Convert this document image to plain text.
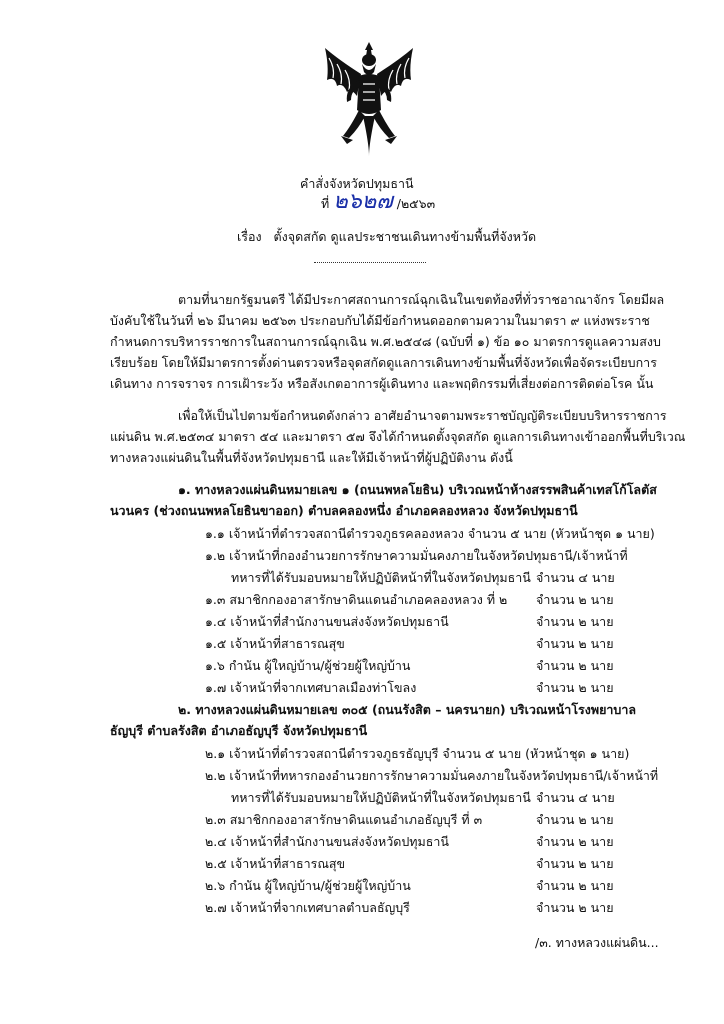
คำสั่งจังหวัดปทุมธานี
ที่ ๒๖๒๗ /๒๕๖๓
เรื่อง ตั้งจุดสกัด ดูแลประชาชนเดินทางข้ามพื้นที่จังหวัด
ตามที่นายกรัฐมนตรี ได้มีประกาศสถานการณ์ฉุกเฉินในเขตท้องที่ทั่วราชอาณาจักร โดยมีผล
บังคับใช้ในวันที่ ๒๖ มีนาคม ๒๕๖๓ ประกอบกับได้มีข้อกำหนดออกตามความในมาตรา ๙ แห่งพระราช
กำหนดการบริหารราชการในสถานการณ์ฉุกเฉิน พ.ศ.๒๕๔๘ (ฉบับที่ ๑) ข้อ ๑๐ มาตรการดูแลความสงบ
เรียบร้อย โดยให้มีมาตรการตั้งด่านตรวจหรือจุดสกัดดูแลการเดินทางข้ามพื้นที่จังหวัดเพื่อจัดระเบียบการ
เดินทาง การจราจร การเฝ้าระวัง หรือสังเกตอาการผู้เดินทาง และพฤติกรรมที่เสี่ยงต่อการติดต่อโรค นั้น
เพื่อให้เป็นไปตามข้อกำหนดดังกล่าว อาศัยอำนาจตามพระราชบัญญัติระเบียบบริหารราชการ
แผ่นดิน พ.ศ.๒๕๓๔ มาตรา ๕๔ และมาตรา ๕๗ จึงได้กำหนดตั้งจุดสกัด ดูแลการเดินทางเข้าออกพื้นที่บริเวณ
ทางหลวงแผ่นดินในพื้นที่จังหวัดปทุมธานี และให้มีเจ้าหน้าที่ผู้ปฏิบัติงาน ดังนี้
๑. ทางหลวงแผ่นดินหมายเลข ๑ (ถนนพหลโยธิน) บริเวณหน้าห้างสรรพสินค้าเทสโก้โลตัส
นวนคร (ช่วงถนนพหลโยธินขาออก) ตำบลคลองหนึ่ง อำเภอคลองหลวง จังหวัดปทุมธานี
๑.๑ เจ้าหน้าที่ตำรวจสถานีตำรวจภูธรคลองหลวง จำนวน ๕ นาย (หัวหน้าชุด ๑ นาย)
๑.๒ เจ้าหน้าที่กองอำนวยการรักษาความมั่นคงภายในจังหวัดปทุมธานี/เจ้าหน้าที่
ทหารที่ได้รับมอบหมายให้ปฏิบัติหน้าที่ในจังหวัดปทุมธานี จำนวน ๔ นาย
๑.๓ สมาชิกกองอาสารักษาดินแดนอำเภอคลองหลวง ที่ ๒ จำนวน ๒ นาย
๑.๔ เจ้าหน้าที่สำนักงานขนส่งจังหวัดปทุมธานี	จำนวน ๒ นาย
๑.๕ เจ้าหน้าที่สาธารณสุข	จำนวน ๒ นาย
๑.๖ กำนัน ผู้ใหญ่บ้าน/ผู้ช่วยผู้ใหญ่บ้าน	จำนวน ๒ นาย
๑.๗ เจ้าหน้าที่จากเทศบาลเมืองท่าโขลง	จำนวน ๒ นาย
๒. ทางหลวงแผ่นดินหมายเลข ๓๐๕ (ถนนรังสิต – นครนายก) บริเวณหน้าโรงพยาบาล
ธัญบุรี ตำบลรังสิต อำเภอธัญบุรี จังหวัดปทุมธานี
๒.๑ เจ้าหน้าที่ตำรวจสถานีตำรวจภูธรธัญบุรี จำนวน ๕ นาย (หัวหน้าชุด ๑ นาย)
๒.๒ เจ้าหน้าที่ทหารกองอำนวยการรักษาความมั่นคงภายในจังหวัดปทุมธานี/เจ้าหน้าที่
ทหารที่ได้รับมอบหมายให้ปฏิบัติหน้าที่ในจังหวัดปทุมธานี จำนวน ๔ นาย
๒.๓ สมาชิกกองอาสารักษาดินแดนอำเภอธัญบุรี ที่ ๓	จำนวน ๒ นาย
๒.๔ เจ้าหน้าที่สำนักงานขนส่งจังหวัดปทุมธานี	จำนวน ๒ นาย
๒.๕ เจ้าหน้าที่สาธารณสุข	จำนวน ๒ นาย
๒.๖ กำนัน ผู้ใหญ่บ้าน/ผู้ช่วยผู้ใหญ่บ้าน	จำนวน ๒ นาย
๒.๗ เจ้าหน้าที่จากเทศบาลตำบลธัญบุรี	จำนวน ๒ นาย
/๓. ทางหลวงแผ่นดิน...
